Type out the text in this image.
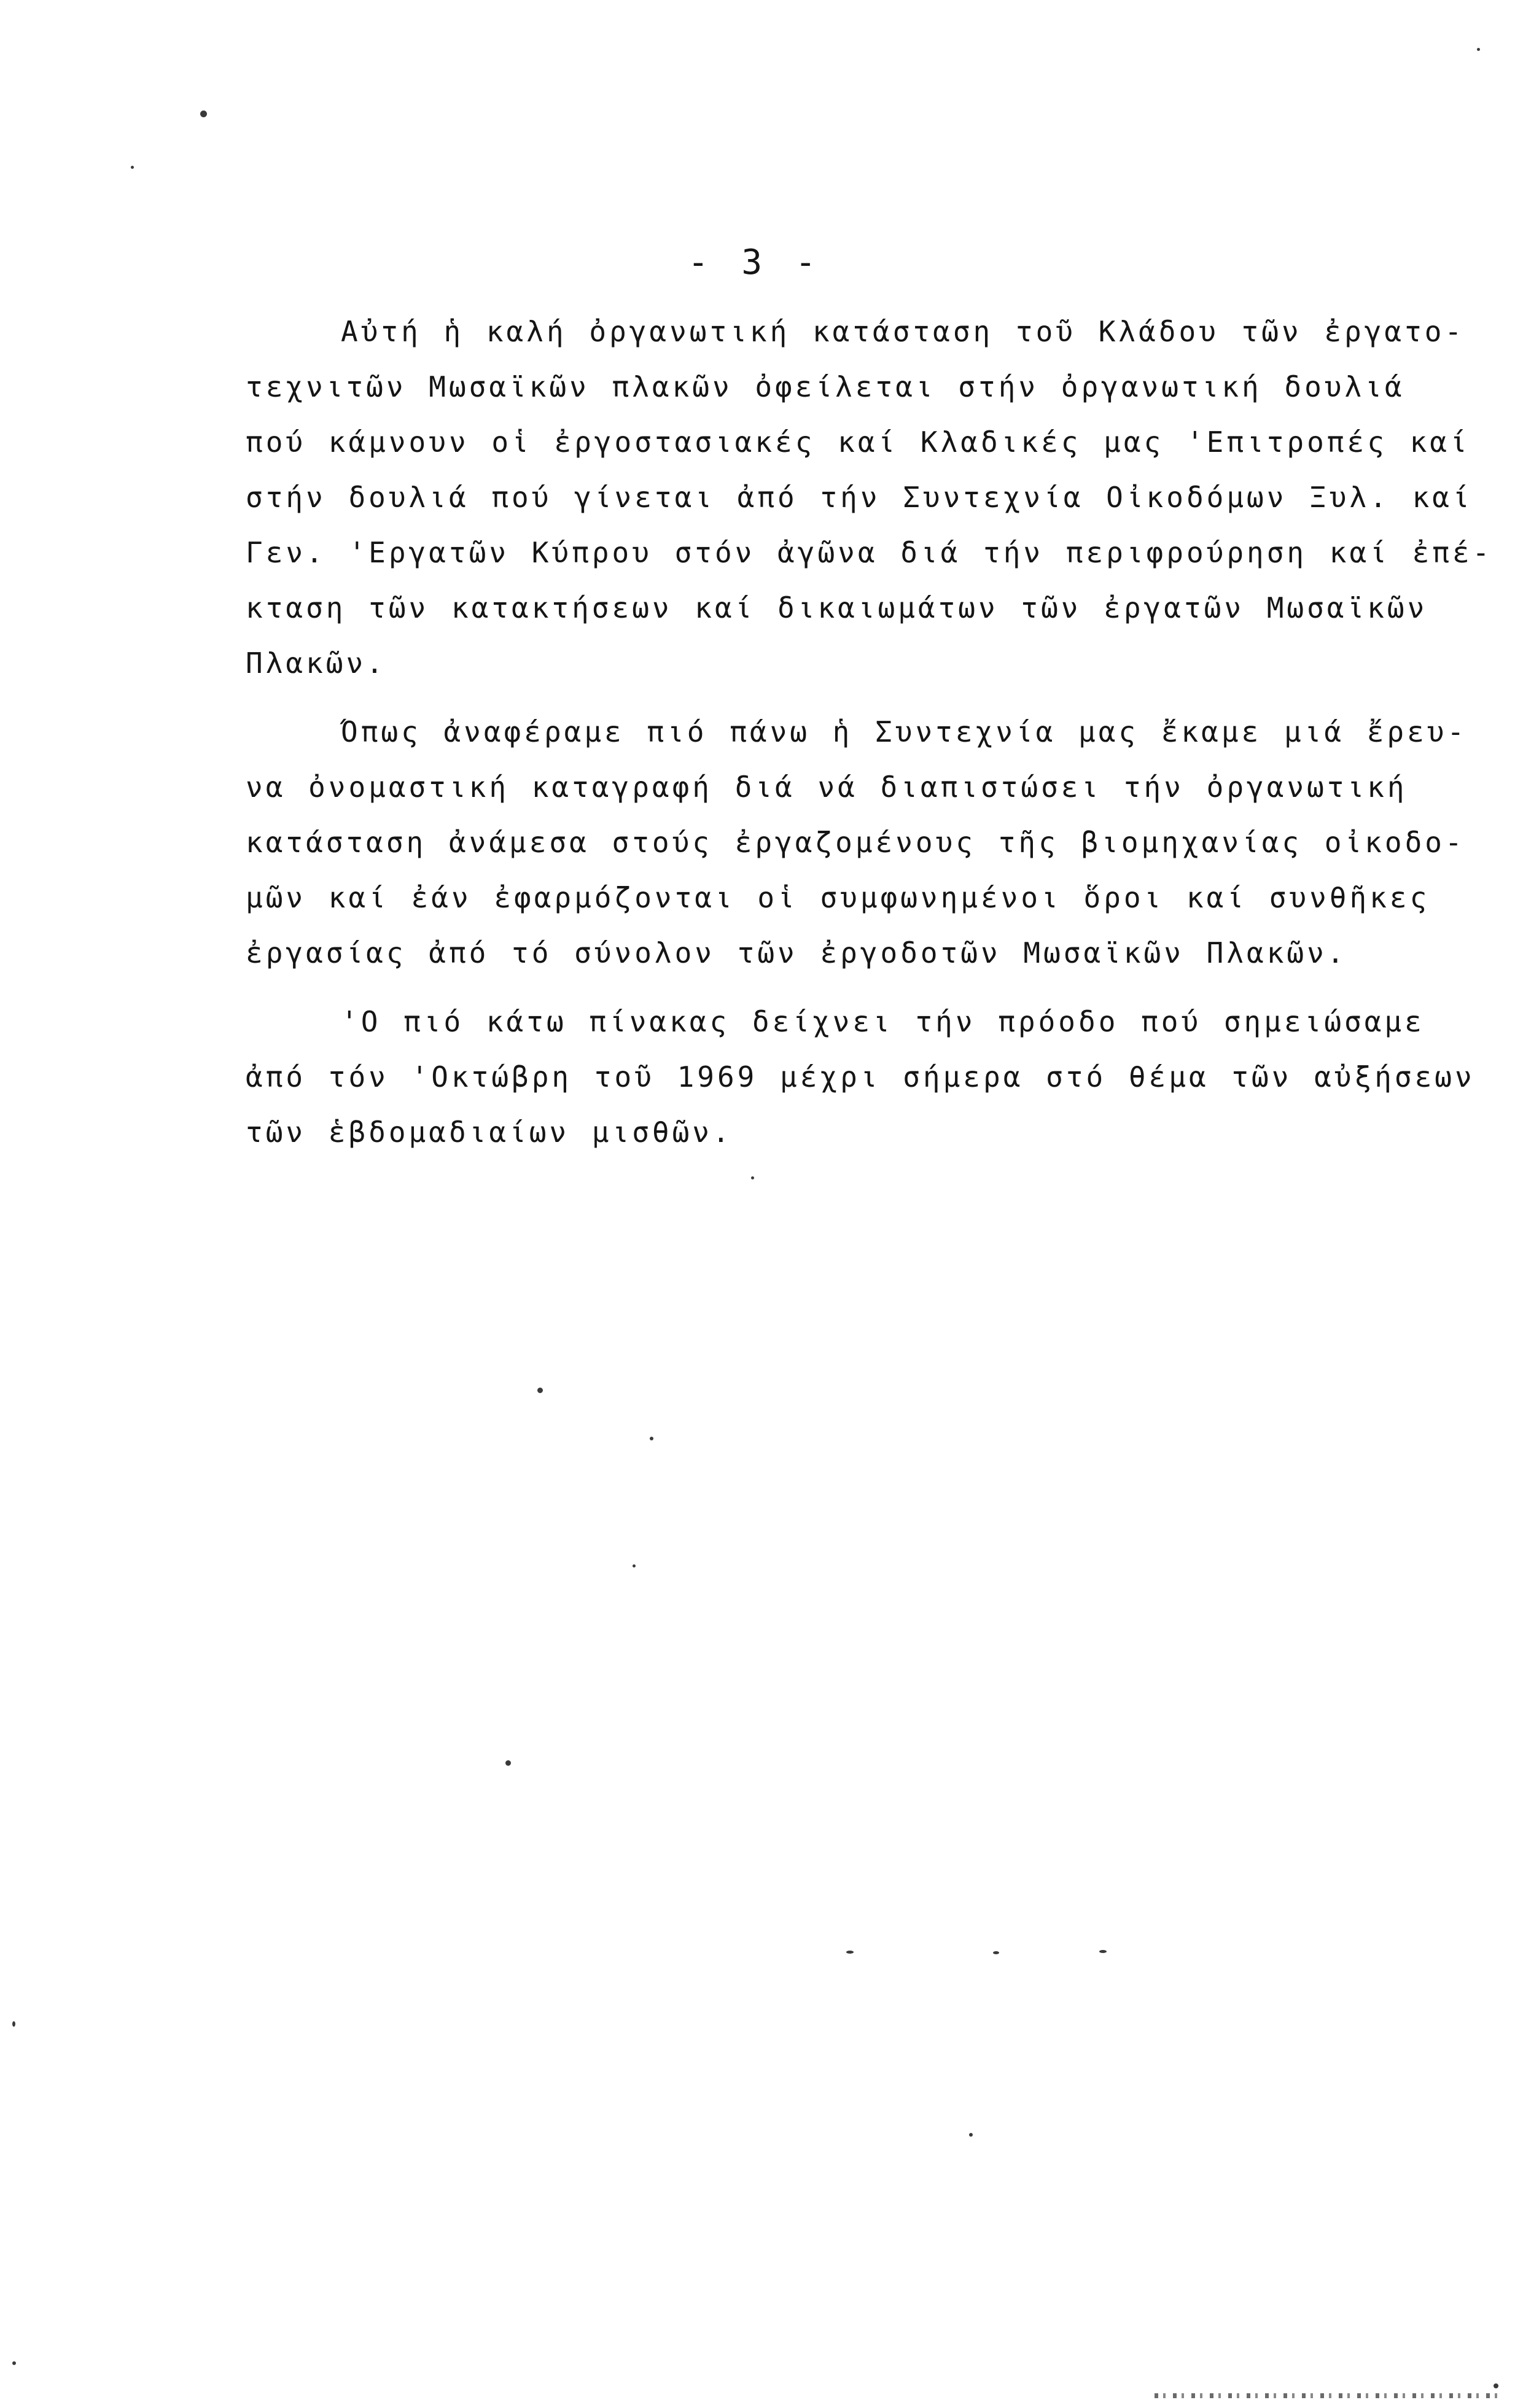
- 3 -
Αὐτή ἡ καλή ὀργανωτική κατάσταση τοῦ Κλάδου τῶν ἐργατο-
τεχνιτῶν Μωσαϊκῶν πλακῶν ὀφείλεται στήν ὀργανωτική δουλιά
πού κάμνουν οἱ ἐργοστασιακές καί Κλαδικές μας 'Επιτροπές καί
στήν δουλιά πού γίνεται ἀπό τήν Συντεχνία Οἰκοδόμων Ξυλ. καί
Γεν. 'Εργατῶν Κύπρου στόν ἀγῶνα διά τήν περιφρούρηση καί ἐπέ-
κταση τῶν κατακτήσεων καί δικαιωμάτων τῶν ἐργατῶν Μωσαϊκῶν
Πλακῶν.
Όπως ἀναφέραμε πιό πάνω ἡ Συντεχνία μας ἔκαμε μιά ἔρευ-
να ὀνομαστική καταγραφή διά νά διαπιστώσει τήν ὀργανωτική
κατάσταση ἀνάμεσα στούς ἐργαζομένους τῆς βιομηχανίας οἰκοδο-
μῶν καί ἐάν ἐφαρμόζονται οἱ συμφωνημένοι ὅροι καί συνθῆκες
ἐργασίας ἀπό τό σύνολον τῶν ἐργοδοτῶν Μωσαϊκῶν Πλακῶν.
'Ο πιό κάτω πίνακας δείχνει τήν πρόοδο πού σημειώσαμε
ἀπό τόν 'Οκτώβρη τοῦ 1969 μέχρι σήμερα στό θέμα τῶν αὐξήσεων
τῶν ἑβδομαδιαίων μισθῶν.
